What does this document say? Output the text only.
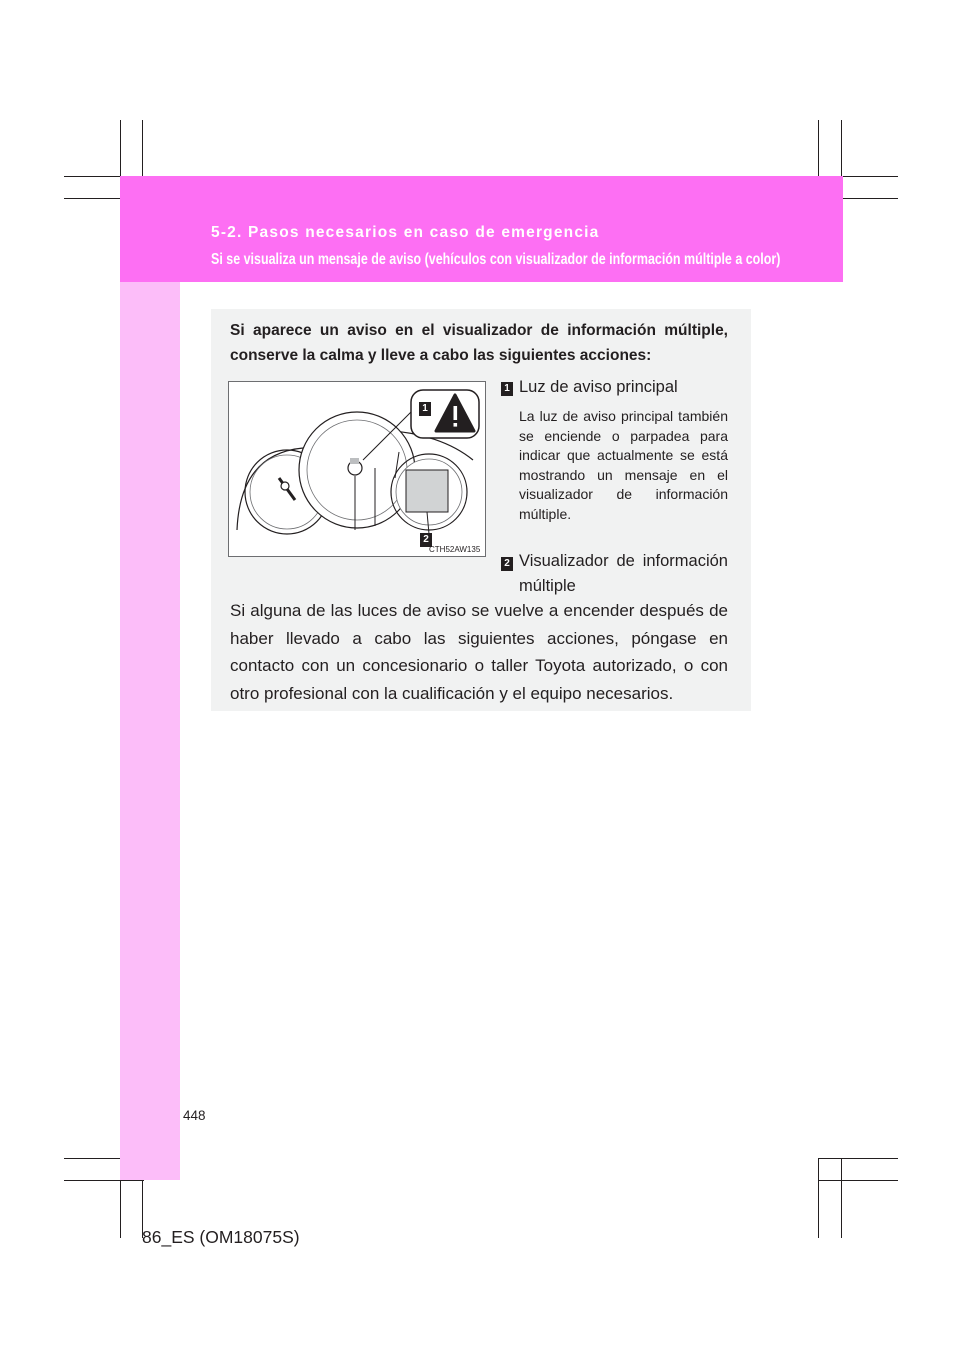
5-2. Pasos necesarios en caso de emergencia
Si se visualiza un mensaje de aviso (vehículos con visualizador de información múltiple a color)
Si aparece un aviso en el visualizador de información múltiple, conserve la calma y lleve a cabo las siguientes acciones:
1
2
CTH52AW135
1 Luz de aviso principal
La luz de aviso principal también se enciende o parpadea para indicar que actualmente se está mostrando un mensaje en el visualizador de información múltiple.
2 Visualizador de información múltiple
Si alguna de las luces de aviso se vuelve a encender después de haber llevado a cabo las siguientes acciones, póngase en contacto con un concesionario o taller Toyota autorizado, o con otro profesional con la cualificación y el equipo necesarios.
448
86_ES (OM18075S)
